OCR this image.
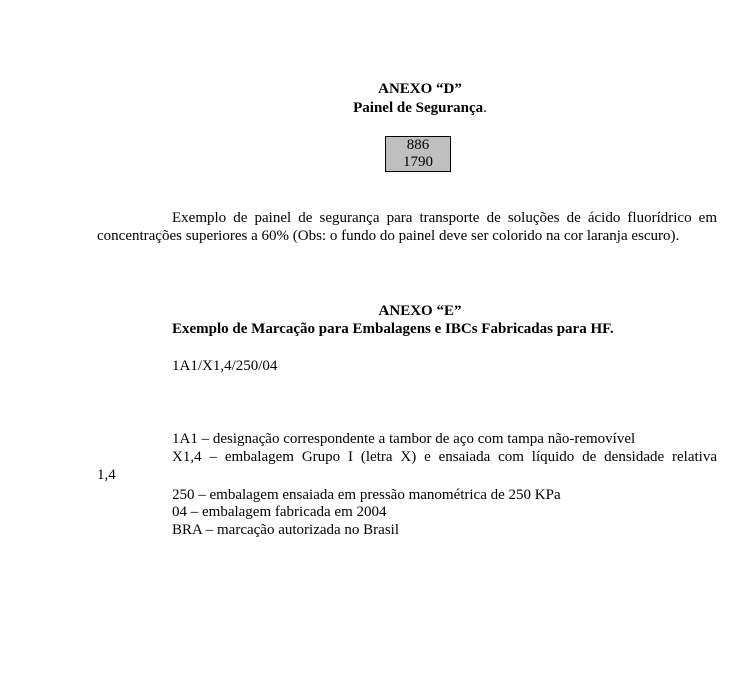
ANEXO “D”
Painel de Segurança.
886
1790
Exemplo de painel de segurança para transporte de soluções de ácido fluorídrico em concentrações superiores a 60% (Obs: o fundo do painel deve ser colorido na cor laranja escuro).
ANEXO “E”
Exemplo de Marcação para Embalagens e IBCs Fabricadas para HF.
1A1/X1,4/250/04
1A1 – designação correspondente a tambor de aço com tampa não-removível
X1,4 – embalagem Grupo I (letra X) e ensaiada com líquido de densidade relativa
1,4
250 – embalagem ensaiada em pressão manométrica de 250 KPa
04 – embalagem fabricada em 2004
BRA – marcação autorizada no Brasil
